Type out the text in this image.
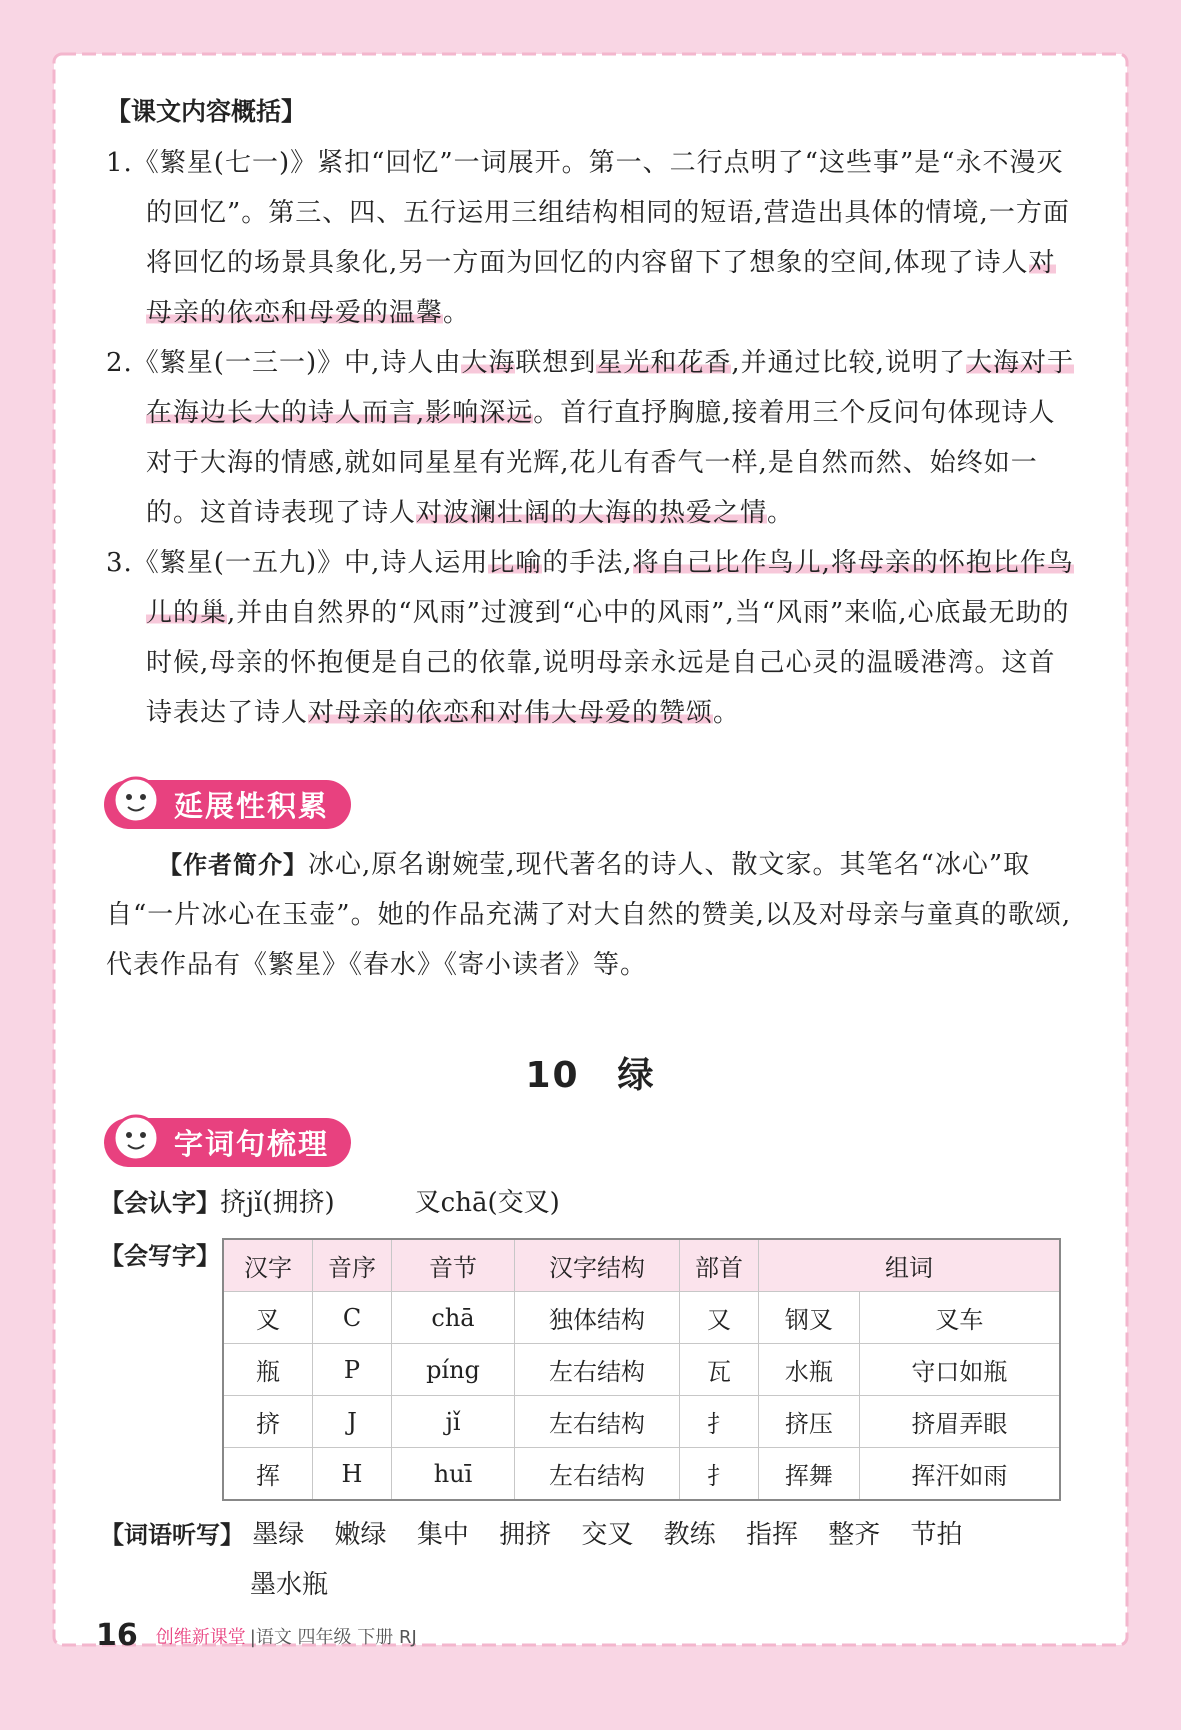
【课文内容概括】

1.《繁星(七一)》紧扣“回忆”一词展开。第一、二行点明了“这些事”是“永不漫灭的回忆”。第三、四、五行运用三组结构相同的短语,营造出具体的情境,一方面将回忆的场景具象化,另一方面为回忆的内容留下了想象的空间,体现了诗人对母亲的依恋和母爱的温馨。

2.《繁星(一三一)》中,诗人由大海联想到星光和花香,并通过比较,说明了大海对于在海边长大的诗人而言,影响深远。首行直抒胸臆,接着用三个反问句体现诗人对于大海的情感,就如同星星有光辉,花儿有香气一样,是自然而然、始终如一的。这首诗表现了诗人对波澜壮阔的大海的热爱之情。

3.《繁星(一五九)》中,诗人运用比喻的手法,将自己比作鸟儿,将母亲的怀抱比作鸟儿的巢,并由自然界的“风雨”过渡到“心中的风雨”,当“风雨”来临,心底最无助的时候,母亲的怀抱便是自己的依靠,说明母亲永远是自己心灵的温暖港湾。这首诗表达了诗人对母亲的依恋和对伟大母爱的赞颂。

延展性积累

【作者简介】冰心,原名谢婉莹,现代著名的诗人、散文家。其笔名“冰心”取自“一片冰心在玉壶”。她的作品充满了对大自然的赞美,以及对母亲与童真的歌颂,代表作品有《繁星》《春水》《寄小读者》等。

10　绿
字词句梳理
【会认字】挤jǐ(拥挤)	叉chā(交叉)
【会写字】 汉字	音序	音节	汉字结构	部首	组词	
叉	C	chā	独体结构	又	钢叉	叉车
瓶	P	píng	左右结构	瓦	水瓶	守口如瓶
挤	J	jǐ	左右结构	扌	挤压	挤眉弄眼
挥	H	huī	左右结构	扌	挥舞	挥汗如雨
【词语听写】 墨绿 嫩绿 集中 拥挤 交叉 教练 指挥 整齐 节拍
墨水瓶
16 创维新课堂 |语文 四年级 下册 RJ
